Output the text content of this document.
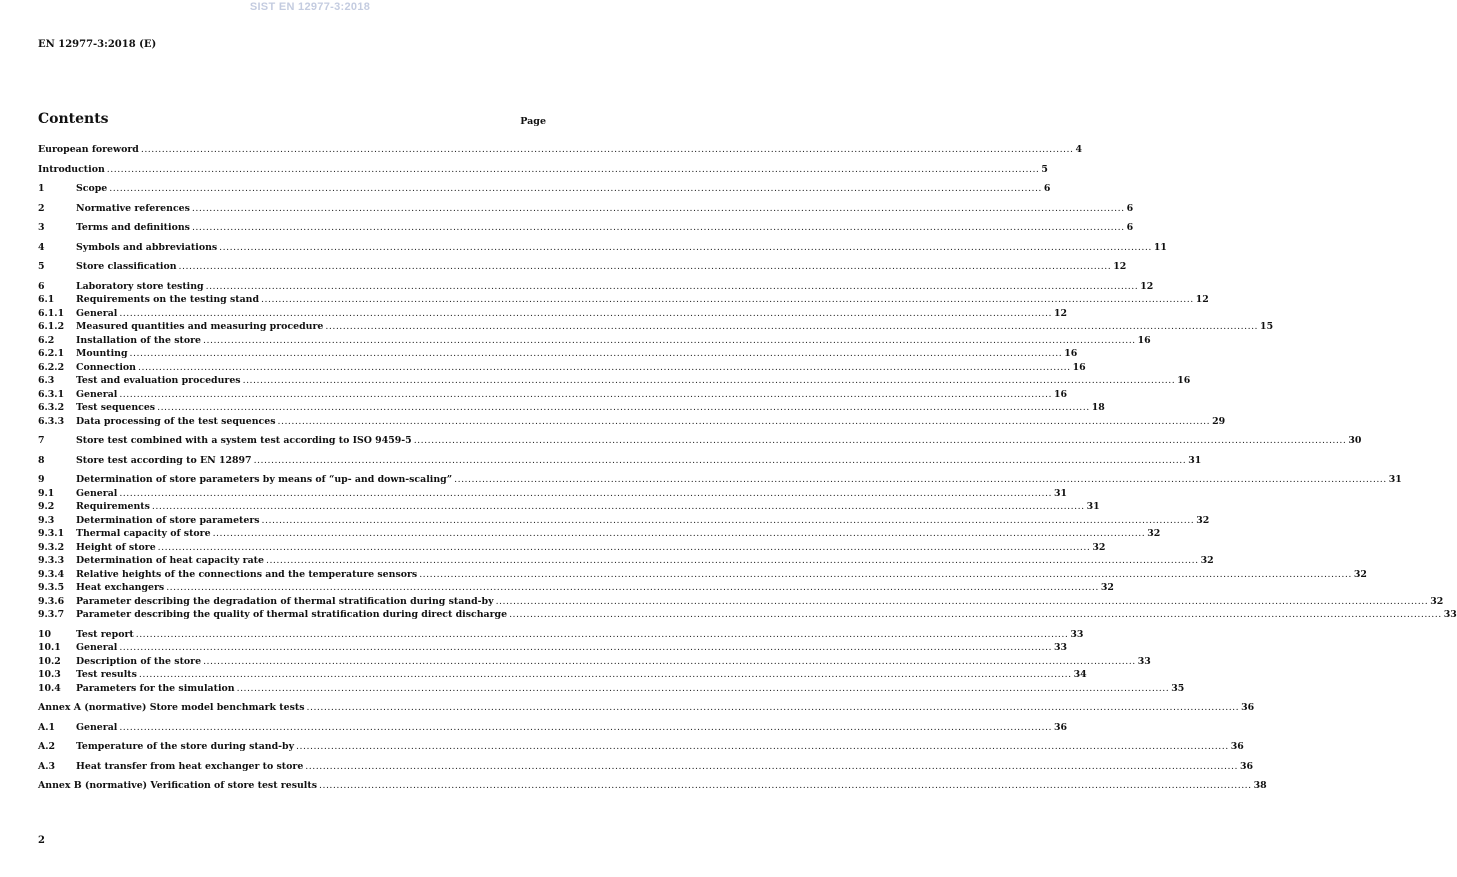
SIST EN 12977-3:2018
EN 12977-3:2018 (E)
Contents	Page
European foreword .....	4
Introduction .....	5
1	Scope .....	6
2	Normative references .....	6
3	Terms and definitions .....	6
4	Symbols and abbreviations .....	11
5	Store classification .....	12
6	Laboratory store testing .....	12
6.1	Requirements on the testing stand .....	12
6.1.1	General .....	12
6.1.2	Measured quantities and measuring procedure .....	15
6.2	Installation of the store .....	16
6.2.1	Mounting .....	16
6.2.2	Connection .....	16
6.3	Test and evaluation procedures .....	16
6.3.1	General .....	16
6.3.2	Test sequences .....	18
6.3.3	Data processing of the test sequences .....	29
7	Store test combined with a system test according to ISO 9459-5 .....	30
8	Store test according to EN 12897 .....	31
9	Determination of store parameters by means of “up- and down-scaling” .....	31
9.1	General .....	31
9.2	Requirements .....	31
9.3	Determination of store parameters .....	32
9.3.1	Thermal capacity of store .....	32
9.3.2	Height of store .....	32
9.3.3	Determination of heat capacity rate .....	32
9.3.4	Relative heights of the connections and the temperature sensors .....	32
9.3.5	Heat exchangers .....	32
9.3.6	Parameter describing the degradation of thermal stratification during stand-by .....	32
9.3.7	Parameter describing the quality of thermal stratification during direct discharge .....	33
10	Test report .....	33
10.1	General .....	33
10.2	Description of the store .....	33
10.3	Test results .....	34
10.4	Parameters for the simulation .....	35
Annex A (normative) Store model benchmark tests .....	36
A.1	General .....	36
A.2	Temperature of the store during stand-by .....	36
A.3	Heat transfer from heat exchanger to store .....	36
Annex B (normative) Verification of store test results .....	38
2
